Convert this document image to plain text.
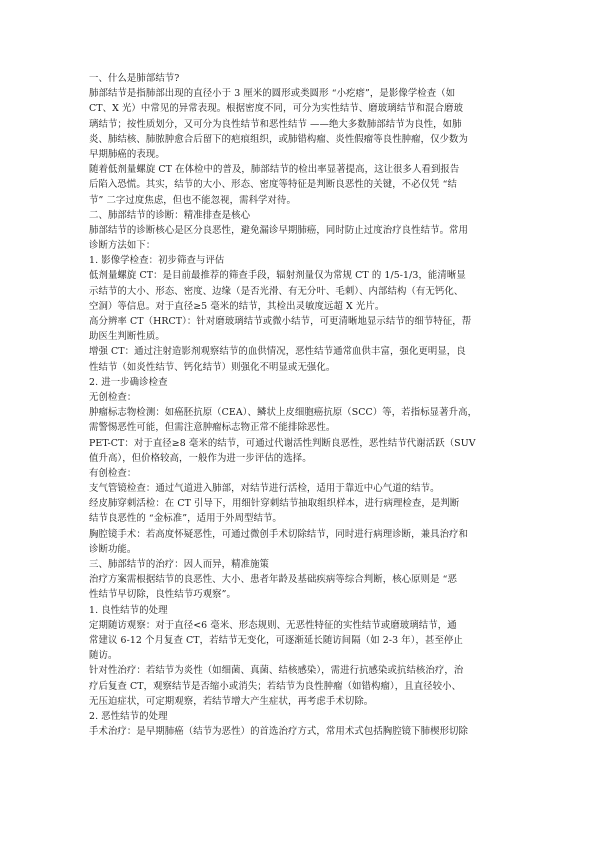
一、什么是肺部结节?
肺部结节是指肺部出现的直径小于 3 厘米的圆形或类圆形 “小疙瘩”，是影像学检查（如
CT、X 光）中常见的异常表现。根据密度不同，可分为实性结节、磨玻璃结节和混合磨玻
璃结节；按性质划分，又可分为良性结节和恶性结节 ——绝大多数肺部结节为良性，如肺
炎、肺结核、肺脓肿愈合后留下的疤痕组织，或肺错构瘤、炎性假瘤等良性肿瘤，仅少数为
早期肺癌的表现。
随着低剂量螺旋 CT 在体检中的普及，肺部结节的检出率显著提高，这让很多人看到报告
后陷入恐慌。其实，结节的大小、形态、密度等特征是判断良恶性的关键，不必仅凭 “结
节” 二字过度焦虑，但也不能忽视，需科学对待。
二、肺部结节的诊断：精准排查是核心
肺部结节的诊断核心是区分良恶性，避免漏诊早期肺癌，同时防止过度治疗良性结节。常用
诊断方法如下：
1. 影像学检查：初步筛查与评估
低剂量螺旋 CT：是目前最推荐的筛查手段，辐射剂量仅为常规 CT 的 1/5-1/3，能清晰显
示结节的大小、形态、密度、边缘（是否光滑、有无分叶、毛刺）、内部结构（有无钙化、
空洞）等信息。对于直径≥5 毫米的结节，其检出灵敏度远超 X 光片。
高分辨率 CT（HRCT）：针对磨玻璃结节或微小结节，可更清晰地显示结节的细节特征，帮
助医生判断性质。
增强 CT：通过注射造影剂观察结节的血供情况，恶性结节通常血供丰富，强化更明显，良
性结节（如炎性结节、钙化结节）则强化不明显或无强化。
2. 进一步确诊检查
无创检查：
肿瘤标志物检测：如癌胚抗原（CEA）、鳞状上皮细胞癌抗原（SCC）等，若指标显著升高，
需警惕恶性可能，但需注意肿瘤标志物正常不能排除恶性。
PET-CT：对于直径≥8 毫米的结节，可通过代谢活性判断良恶性，恶性结节代谢活跃（SUV
值升高），但价格较高，一般作为进一步评估的选择。
有创检查：
支气管镜检查：通过气道进入肺部，对结节进行活检，适用于靠近中心气道的结节。
经皮肺穿刺活检：在 CT 引导下，用细针穿刺结节抽取组织样本，进行病理检查，是判断
结节良恶性的 “金标准”，适用于外周型结节。
胸腔镜手术：若高度怀疑恶性，可通过微创手术切除结节，同时进行病理诊断，兼具治疗和
诊断功能。
三、肺部结节的治疗：因人而异，精准施策
治疗方案需根据结节的良恶性、大小、患者年龄及基础疾病等综合判断，核心原则是 “恶
性结节早切除，良性结节巧观察”。
1. 良性结节的处理
定期随访观察：对于直径<6 毫米、形态规则、无恶性特征的实性结节或磨玻璃结节，通
常建议 6-12 个月复查 CT，若结节无变化，可逐渐延长随访间隔（如 2-3 年），甚至停止
随访。
针对性治疗：若结节为炎性（如细菌、真菌、结核感染），需进行抗感染或抗结核治疗，治
疗后复查 CT，观察结节是否缩小或消失；若结节为良性肿瘤（如错构瘤），且直径较小、
无压迫症状，可定期观察，若结节增大产生症状，再考虑手术切除。
2. 恶性结节的处理
手术治疗：是早期肺癌（结节为恶性）的首选治疗方式，常用术式包括胸腔镜下肺楔形切除
